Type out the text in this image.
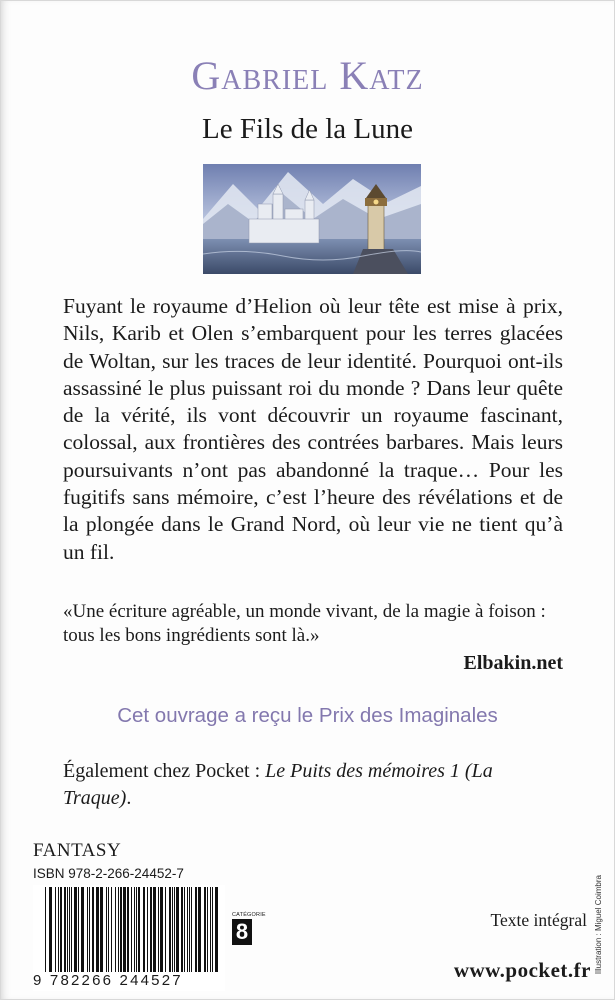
Gabriel Katz
Le Fils de la Lune

Fuyant le royaume d’Helion où leur tête est mise à prix, Nils, Karib et Olen s’embarquent pour les terres glacées de Woltan, sur les traces de leur identité. Pourquoi ont-ils assassiné le plus puissant roi du monde ? Dans leur quête de la vérité, ils vont découvrir un royaume fascinant, colossal, aux frontières des contrées barbares. Mais leurs poursuivants n’ont pas abandonné la traque… Pour les fugitifs sans mémoire, c’est l’heure des révélations et de la plongée dans le Grand Nord, où leur vie ne tient qu’à un fil.

«Une écriture agréable, un monde vivant, de la magie à foison : tous les bons ingrédients sont là.»

Elbakin.net

Cet ouvrage a reçu le Prix des Imaginales

Également chez Pocket : Le Puits des mémoires 1 (La Traque).

FANTASY

ISBN 978-2-266-24452-7

9 782266 244527
CATÉGORIE
8	Texte intégral

www.pocket.fr Illustration : Miguel Coimbra
